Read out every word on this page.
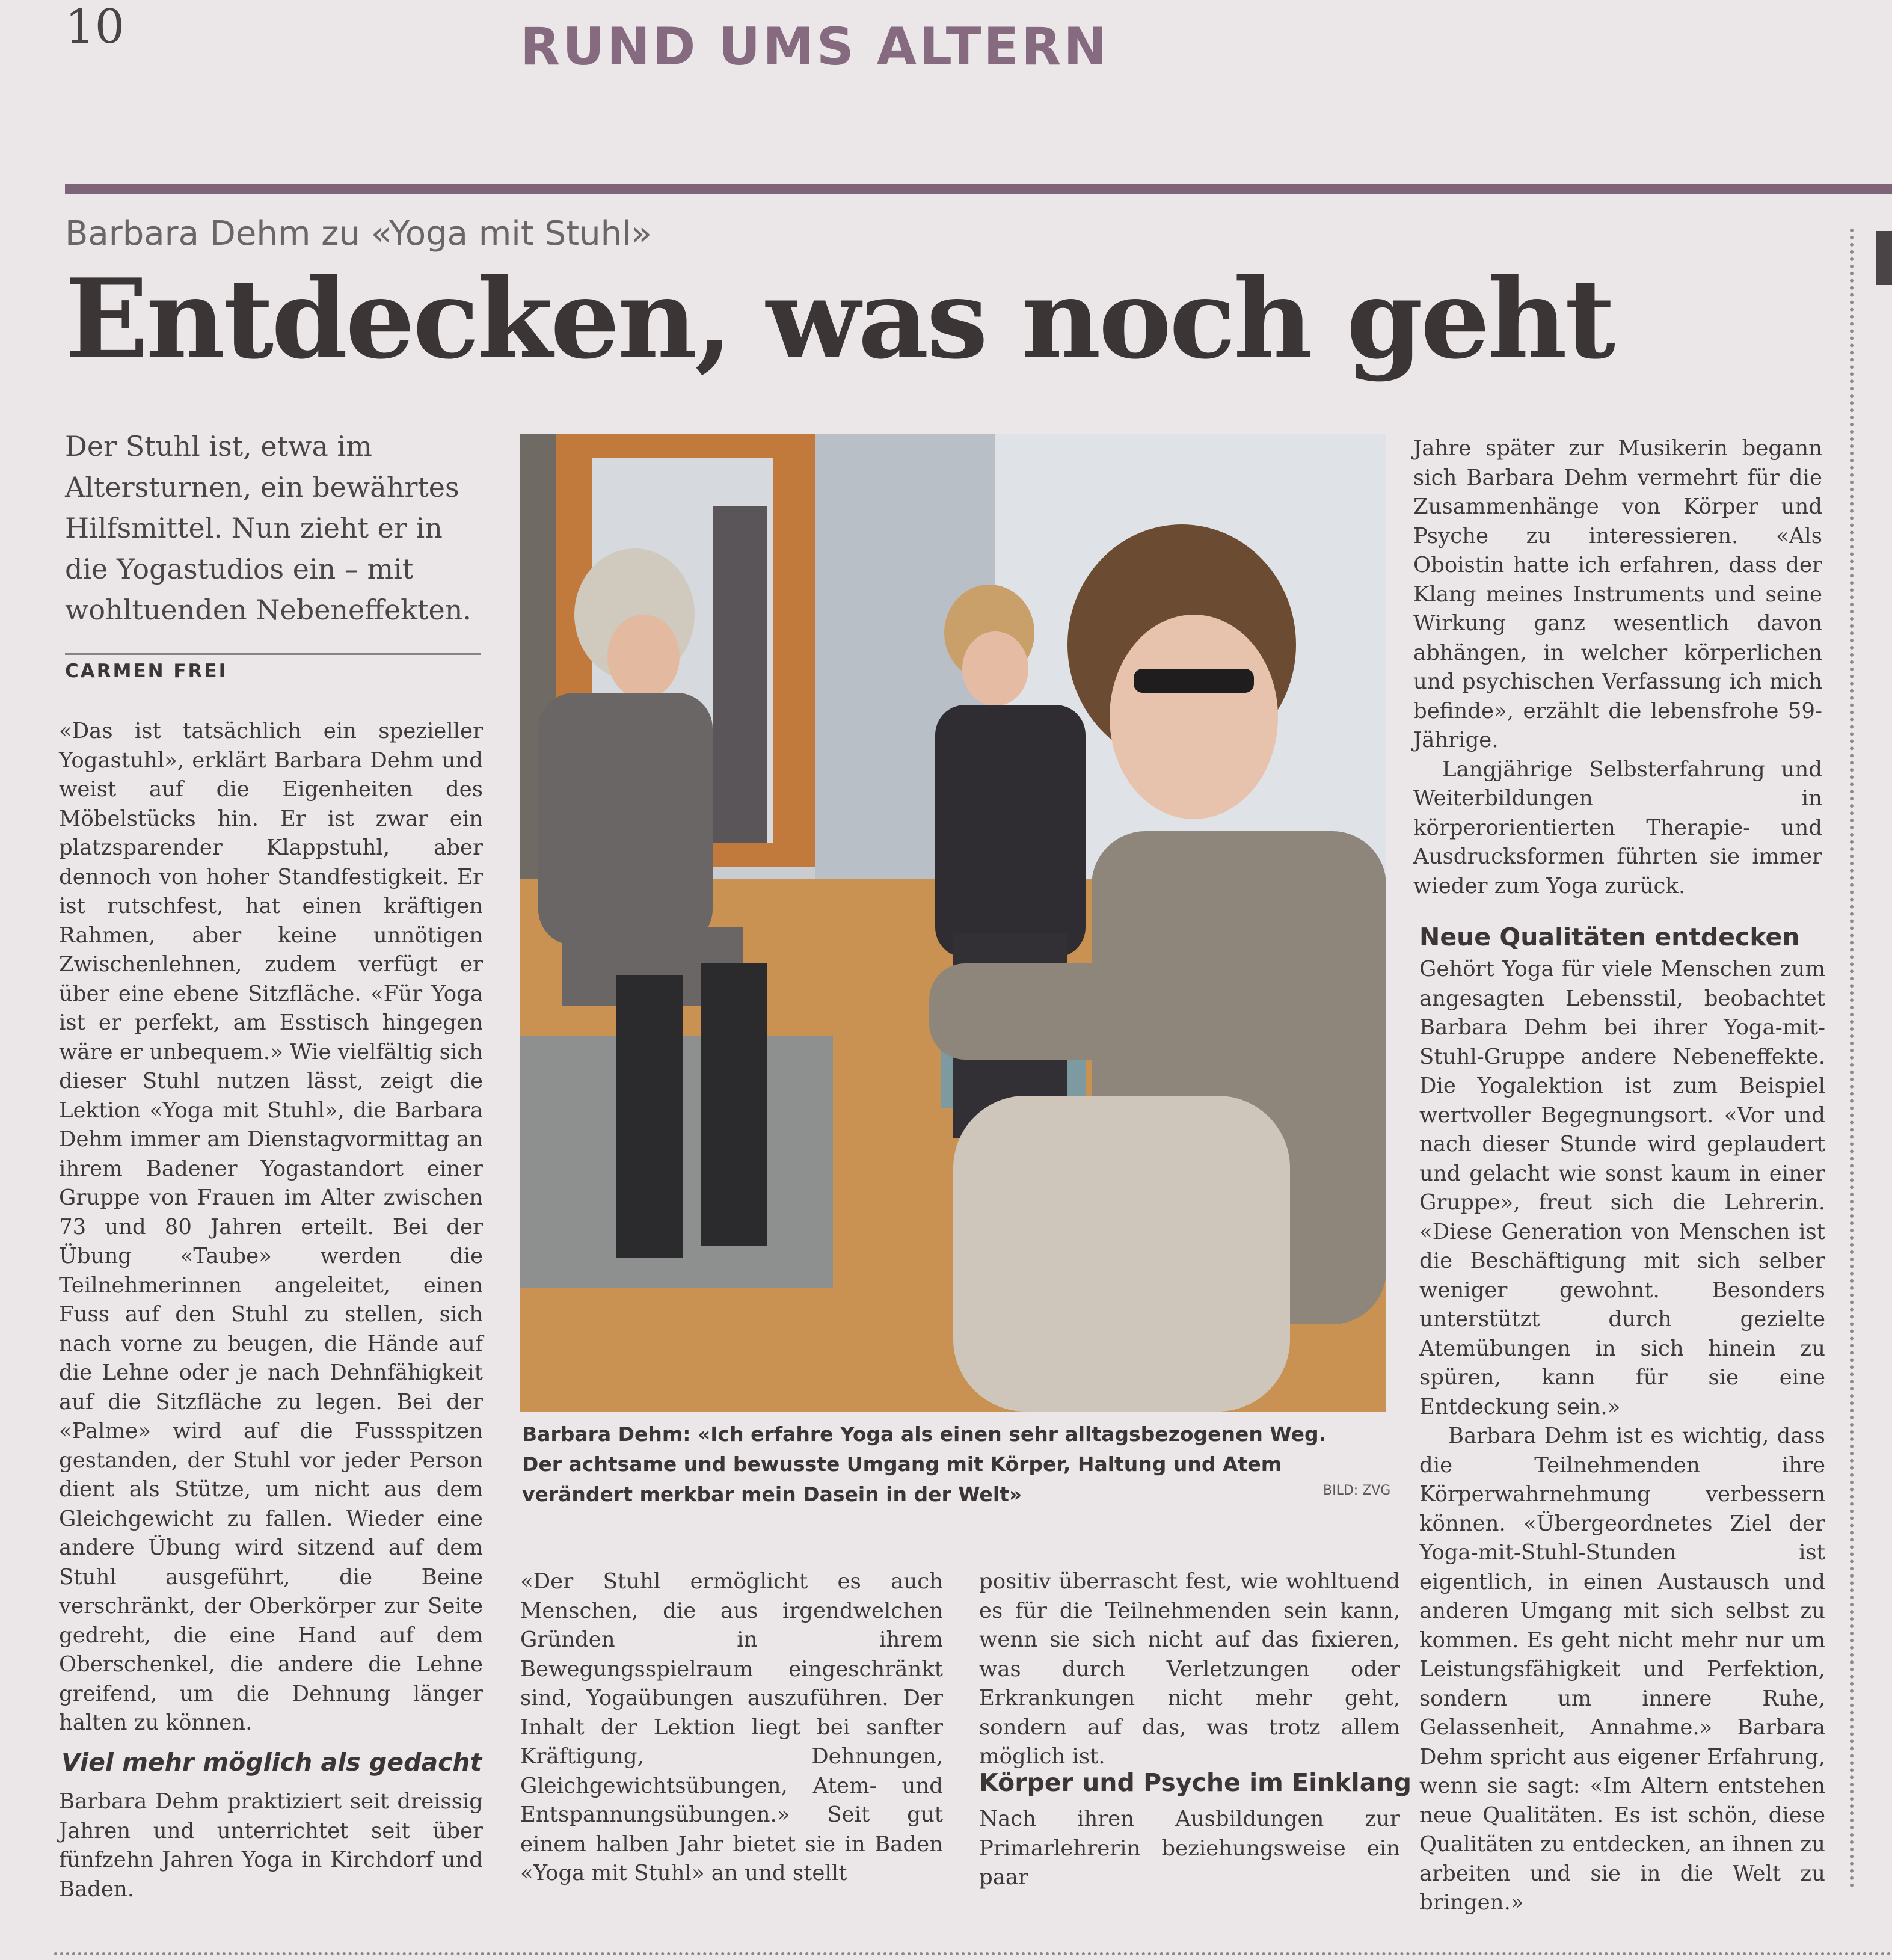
10	RUND UMS ALTERN
Barbara Dehm zu «Yoga mit Stuhl»
Entdecken, was noch geht
Der Stuhl ist, etwa im Altersturnen, ein bewährtes Hilfsmittel. Nun zieht er in die Yogastudios ein – mit wohltuenden Nebeneffekten.
CARMEN FREI

«Das ist tatsächlich ein spezieller Yogastuhl», erklärt Barbara Dehm und weist auf die Eigenheiten des Möbelstücks hin. Er ist zwar ein platzsparender Klappstuhl, aber dennoch von hoher Standfestigkeit. Er ist rutschfest, hat einen kräftigen Rahmen, aber keine unnötigen Zwischenlehnen, zudem verfügt er über eine ebene Sitzfläche. «Für Yoga ist er perfekt, am Esstisch hingegen wäre er unbequem.» Wie vielfältig sich dieser Stuhl nutzen lässt, zeigt die Lektion «Yoga mit Stuhl», die Barbara Dehm immer am Dienstagvormittag an ihrem Badener Yogastandort einer Gruppe von Frauen im Alter zwischen 73 und 80 Jahren erteilt. Bei der Übung «Taube» werden die Teilnehmerinnen angeleitet, einen Fuss auf den Stuhl zu stellen, sich nach vorne zu beugen, die Hände auf die Lehne oder je nach Dehnfähigkeit auf die Sitzfläche zu legen. Bei der «Palme» wird auf die Fussspitzen gestanden, der Stuhl vor jeder Person dient als Stütze, um nicht aus dem Gleichgewicht zu fallen. Wieder eine andere Übung wird sitzend auf dem Stuhl ausgeführt, die Beine verschränkt, der Oberkörper zur Seite gedreht, die eine Hand auf dem Oberschenkel, die andere die Lehne greifend, um die Dehnung länger halten zu können.

Viel mehr möglich als gedacht

Barbara Dehm praktiziert seit dreissig Jahren und unterrichtet seit über fünfzehn Jahren Yoga in Kirchdorf und Baden.

Barbara Dehm: «Ich erfahre Yoga als einen sehr alltagsbezogenen Weg. Der achtsame und bewusste Umgang mit Körper, Haltung und Atem verändert merkbar mein Dasein in der Welt»	BILD: ZVG

«Der Stuhl ermöglicht es auch Menschen, die aus irgendwelchen Gründen in ihrem Bewegungsspielraum eingeschränkt sind, Yogaübungen auszuführen. Der Inhalt der Lektion liegt bei sanfter Kräftigung, Dehnungen, Gleichgewichtsübungen, Atem- und Entspannungsübungen.» Seit gut einem halben Jahr bietet sie in Baden «Yoga mit Stuhl» an und stellt

positiv überrascht fest, wie wohltuend es für die Teilnehmenden sein kann, wenn sie sich nicht auf das fixieren, was durch Verletzungen oder Erkrankungen nicht mehr geht, sondern auf das, was trotz allem möglich ist.

Körper und Psyche im Einklang

Nach ihren Ausbildungen zur Primarlehrerin beziehungsweise ein paar

Jahre später zur Musikerin begann sich Barbara Dehm vermehrt für die Zusammenhänge von Körper und Psyche zu interessieren. «Als Oboistin hatte ich erfahren, dass der Klang meines Instruments und seine Wirkung ganz wesentlich davon abhängen, in welcher körperlichen und psychischen Verfassung ich mich befinde», erzählt die lebensfrohe 59-Jährige.

Langjährige Selbsterfahrung und Weiterbildungen in körperorientierten Therapie- und Ausdrucksformen führten sie immer wieder zum Yoga zurück.

Neue Qualitäten entdecken

Gehört Yoga für viele Menschen zum angesagten Lebensstil, beobachtet Barbara Dehm bei ihrer Yoga-mit-Stuhl-Gruppe andere Nebeneffekte. Die Yogalektion ist zum Beispiel wertvoller Begegnungsort. «Vor und nach dieser Stunde wird geplaudert und gelacht wie sonst kaum in einer Gruppe», freut sich die Lehrerin. «Diese Generation von Menschen ist die Beschäftigung mit sich selber weniger gewohnt. Besonders unterstützt durch gezielte Atemübungen in sich hinein zu spüren, kann für sie eine Entdeckung sein.»

Barbara Dehm ist es wichtig, dass die Teilnehmenden ihre Körperwahrnehmung verbessern können. «Übergeordnetes Ziel der Yoga-mit-Stuhl-Stunden ist eigentlich, in einen Austausch und anderen Umgang mit sich selbst zu kommen. Es geht nicht mehr nur um Leistungsfähigkeit und Perfektion, sondern um innere Ruhe, Gelassenheit, Annahme.» Barbara Dehm spricht aus eigener Erfahrung, wenn sie sagt: «Im Altern entstehen neue Qualitäten. Es ist schön, diese Qualitäten zu entdecken, an ihnen zu arbeiten und sie in die Welt zu bringen.»
